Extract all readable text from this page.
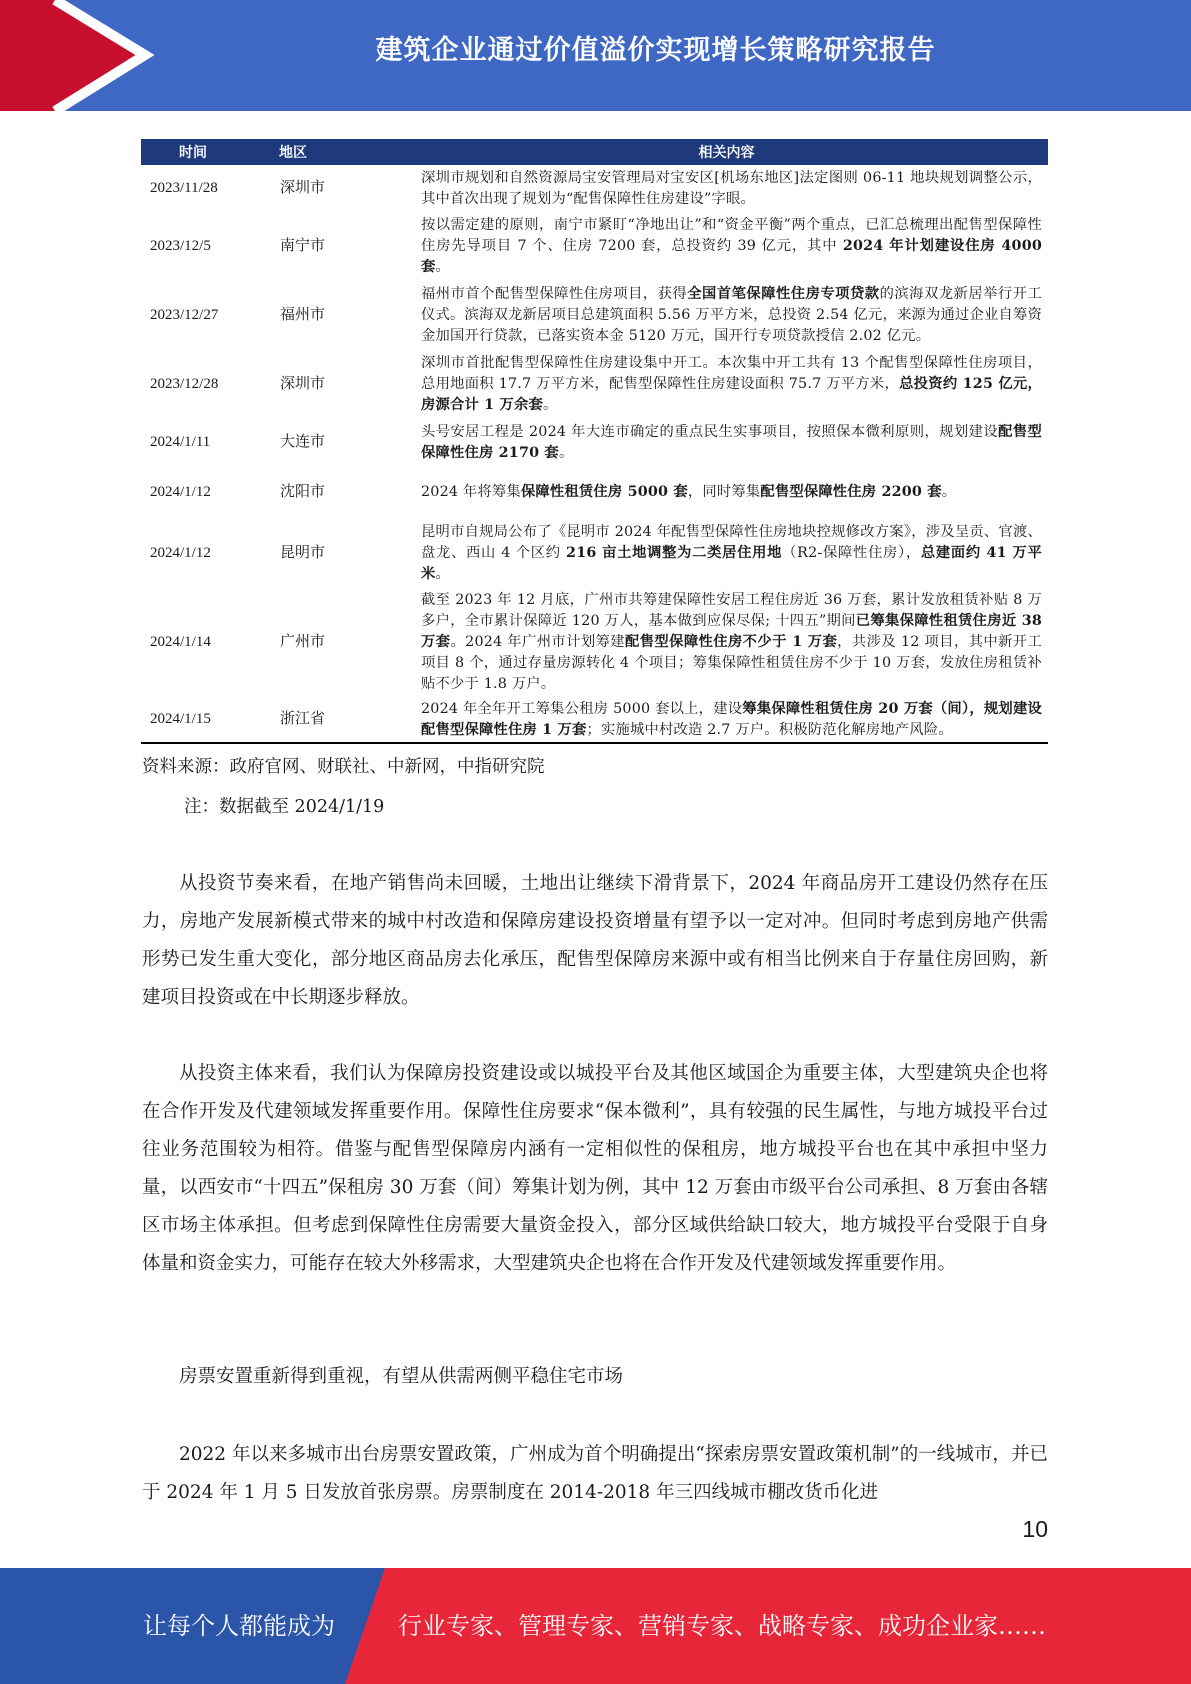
建筑企业通过价值溢价实现增长策略研究报告
时间 地区		相关内容
2023/11/28 深圳市		深圳市规划和自然资源局宝安管理局对宝安区[机场东地区]法定图则 06-11 地块规划调整公示，其中首次出现了规划为“配售保障性住房建设”字眼。
2023/12/5 南宁市		按以需定建的原则，南宁市紧盯“净地出让”和“资金平衡”两个重点，已汇总梳理出配售型保障性住房先导项目 7 个、住房 7200 套，总投资约 39 亿元，其中 2024 年计划建设住房 4000 套。
2023/12/27 福州市		福州市首个配售型保障性住房项目，获得全国首笔保障性住房专项贷款的滨海双龙新居举行开工仪式。滨海双龙新居项目总建筑面积 5.56 万平方米，总投资 2.54 亿元，来源为通过企业自筹资金加国开行贷款，已落实资本金 5120 万元，国开行专项贷款授信 2.02 亿元。
2023/12/28 深圳市		深圳市首批配售型保障性住房建设集中开工。本次集中开工共有 13 个配售型保障性住房项目，总用地面积 17.7 万平方米，配售型保障性住房建设面积 75.7 万平方米，总投资约 125 亿元，房源合计 1 万余套。
2024/1/11 大连市		头号安居工程是 2024 年大连市确定的重点民生实事项目，按照保本微利原则，规划建设配售型保障性住房 2170 套。
2024/1/12 沈阳市		2024 年将筹集保障性租赁住房 5000 套，同时筹集配售型保障性住房 2200 套。
2024/1/12 昆明市		昆明市自规局公布了《昆明市 2024 年配售型保障性住房地块控规修改方案》，涉及呈贡、官渡、盘龙、西山 4 个区约 216 亩土地调整为二类居住用地（R2-保障性住房），总建面约 41 万平米。
2024/1/14 广州市		截至 2023 年 12 月底，广州市共筹建保障性安居工程住房近 36 万套，累计发放租赁补贴 8 万多户，全市累计保障近 120 万人，基本做到应保尽保; 十四五”期间已筹集保障性租赁住房近 38 万套。2024 年广州市计划筹建配售型保障性住房不少于 1 万套，共涉及 12 项目，其中新开工项目 8 个，通过存量房源转化 4 个项目；筹集保障性租赁住房不少于 10 万套，发放住房租赁补贴不少于 1.8 万户。
2024/1/15 浙江省		2024 年全年开工筹集公租房 5000 套以上，建设筹集保障性租赁住房 20 万套（间），规划建设配售型保障性住房 1 万套；实施城中村改造 2.7 万户。积极防范化解房地产风险。
资料来源：政府官网、财联社、中新网，中指研究院
注：数据截至 2024/1/19
从投资节奏来看，在地产销售尚未回暖，土地出让继续下滑背景下，2024 年商品房开工建设仍然存在压力，房地产发展新模式带来的城中村改造和保障房建设投资增量有望予以一定对冲。但同时考虑到房地产供需形势已发生重大变化，部分地区商品房去化承压，配售型保障房来源中或有相当比例来自于存量住房回购，新建项目投资或在中长期逐步释放。
从投资主体来看，我们认为保障房投资建设或以城投平台及其他区域国企为重要主体，大型建筑央企也将在合作开发及代建领域发挥重要作用。保障性住房要求“保本微利”，具有较强的民生属性，与地方城投平台过往业务范围较为相符。借鉴与配售型保障房内涵有一定相似性的保租房，地方城投平台也在其中承担中坚力量，以西安市“十四五”保租房 30 万套（间）筹集计划为例，其中 12 万套由市级平台公司承担、8 万套由各辖区市场主体承担。但考虑到保障性住房需要大量资金投入，部分区域供给缺口较大，地方城投平台受限于自身体量和资金实力，可能存在较大外移需求，大型建筑央企也将在合作开发及代建领域发挥重要作用。
房票安置重新得到重视，有望从供需两侧平稳住宅市场
2022 年以来多城市出台房票安置政策，广州成为首个明确提出“探索房票安置政策机制”的一线城市，并已于 2024 年 1 月 5 日发放首张房票。房票制度在 2014-2018 年三四线城市棚改货币化进
10
让每个人都能成为	行业专家、管理专家、营销专家、战略专家、成功企业家……
